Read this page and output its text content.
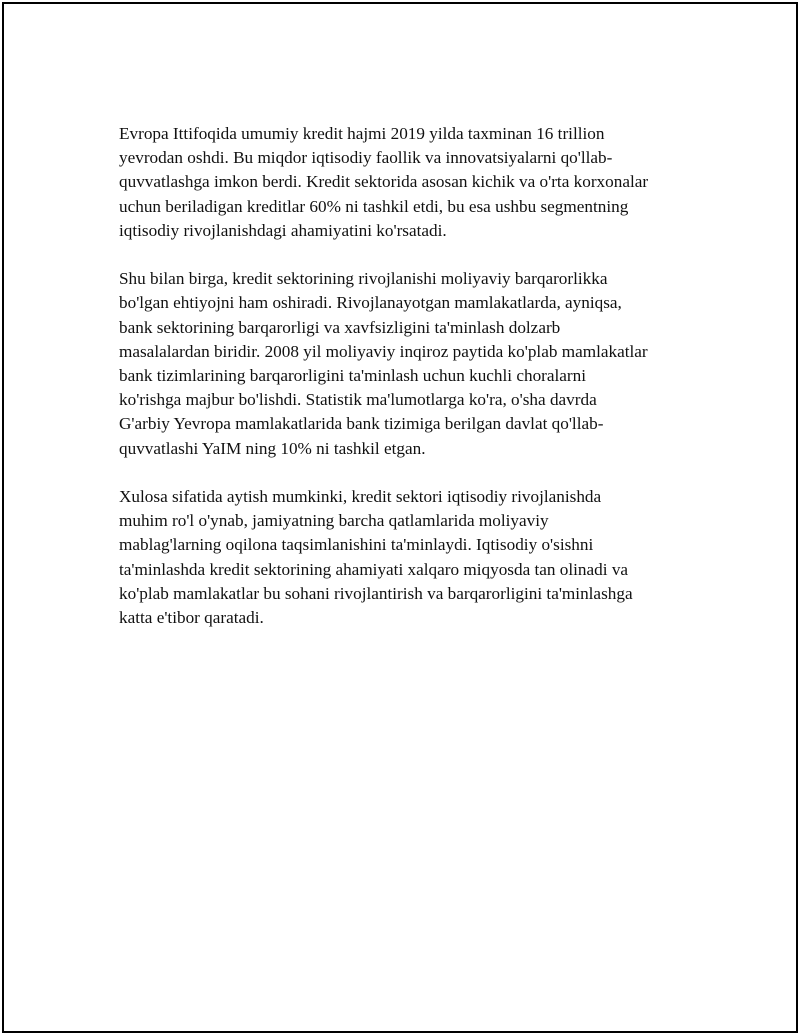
Evropa Ittifoqida umumiy kredit hajmi 2019 yilda taxminan 16 trillion
yevrodan oshdi. Bu miqdor iqtisodiy faollik va innovatsiyalarni qo'llab-
quvvatlashga imkon berdi. Kredit sektorida asosan kichik va o'rta korxonalar
uchun beriladigan kreditlar 60% ni tashkil etdi, bu esa ushbu segmentning
iqtisodiy rivojlanishdagi ahamiyatini ko'rsatadi.

Shu bilan birga, kredit sektorining rivojlanishi moliyaviy barqarorlikka
bo'lgan ehtiyojni ham oshiradi. Rivojlanayotgan mamlakatlarda, ayniqsa,
bank sektorining barqarorligi va xavfsizligini ta'minlash dolzarb
masalalardan biridir. 2008 yil moliyaviy inqiroz paytida ko'plab mamlakatlar
bank tizimlarining barqarorligini ta'minlash uchun kuchli choralarni
ko'rishga majbur bo'lishdi. Statistik ma'lumotlarga ko'ra, o'sha davrda
G'arbiy Yevropa mamlakatlarida bank tizimiga berilgan davlat qo'llab-
quvvatlashi YaIM ning 10% ni tashkil etgan.

Xulosa sifatida aytish mumkinki, kredit sektori iqtisodiy rivojlanishda
muhim ro'l o'ynab, jamiyatning barcha qatlamlarida moliyaviy
mablag'larning oqilona taqsimlanishini ta'minlaydi. Iqtisodiy o'sishni
ta'minlashda kredit sektorining ahamiyati xalqaro miqyosda tan olinadi va
ko'plab mamlakatlar bu sohani rivojlantirish va barqarorligini ta'minlashga
katta e'tibor qaratadi.
